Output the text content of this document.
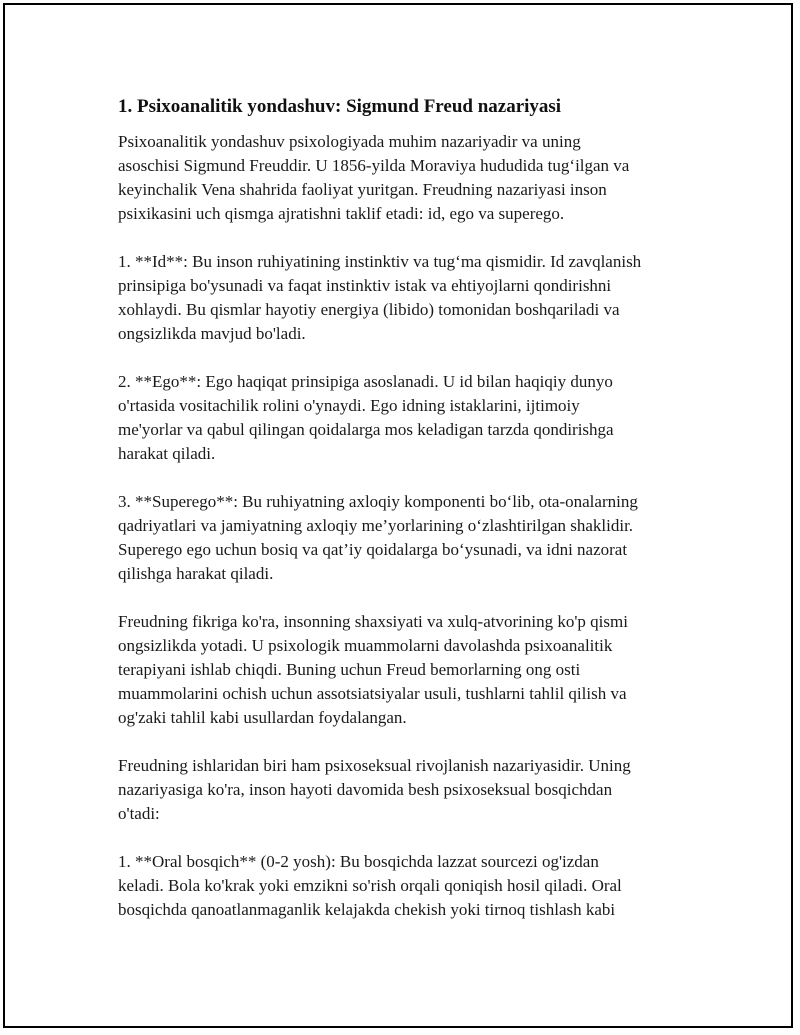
1. Psixoanalitik yondashuv: Sigmund Freud nazariyasi

Psixoanalitik yondashuv psixologiyada muhim nazariyadir va uning
asoschisi Sigmund Freuddir. U 1856-yilda Moraviya hududida tug‘ilgan va
keyinchalik Vena shahrida faoliyat yuritgan. Freudning nazariyasi inson
psixikasini uch qismga ajratishni taklif etadi: id, ego va superego.

1. **Id**: Bu inson ruhiyatining instinktiv va tug‘ma qismidir. Id zavqlanish
prinsipiga bo'ysunadi va faqat instinktiv istak va ehtiyojlarni qondirishni
xohlaydi. Bu qismlar hayotiy energiya (libido) tomonidan boshqariladi va
ongsizlikda mavjud bo'ladi.

2. **Ego**: Ego haqiqat prinsipiga asoslanadi. U id bilan haqiqiy dunyo
o'rtasida vositachilik rolini o'ynaydi. Ego idning istaklarini, ijtimoiy
me'yorlar va qabul qilingan qoidalarga mos keladigan tarzda qondirishga
harakat qiladi.

3. **Superego**: Bu ruhiyatning axloqiy komponenti bo‘lib, ota-onalarning
qadriyatlari va jamiyatning axloqiy me’yorlarining o‘zlashtirilgan shaklidir.
Superego ego uchun bosiq va qat’iy qoidalarga bo‘ysunadi, va idni nazorat
qilishga harakat qiladi.

Freudning fikriga ko'ra, insonning shaxsiyati va xulq-atvorining ko'p qismi
ongsizlikda yotadi. U psixologik muammolarni davolashda psixoanalitik
terapiyani ishlab chiqdi. Buning uchun Freud bemorlarning ong osti
muammolarini ochish uchun assotsiatsiyalar usuli, tushlarni tahlil qilish va
og'zaki tahlil kabi usullardan foydalangan.

Freudning ishlaridan biri ham psixoseksual rivojlanish nazariyasidir. Uning
nazariyasiga ko'ra, inson hayoti davomida besh psixoseksual bosqichdan
o'tadi:

1. **Oral bosqich** (0-2 yosh): Bu bosqichda lazzat sourcezi og'izdan
keladi. Bola ko'krak yoki emzikni so'rish orqali qoniqish hosil qiladi. Oral
bosqichda qanoatlanmaganlik kelajakda chekish yoki tirnoq tishlash kabi
